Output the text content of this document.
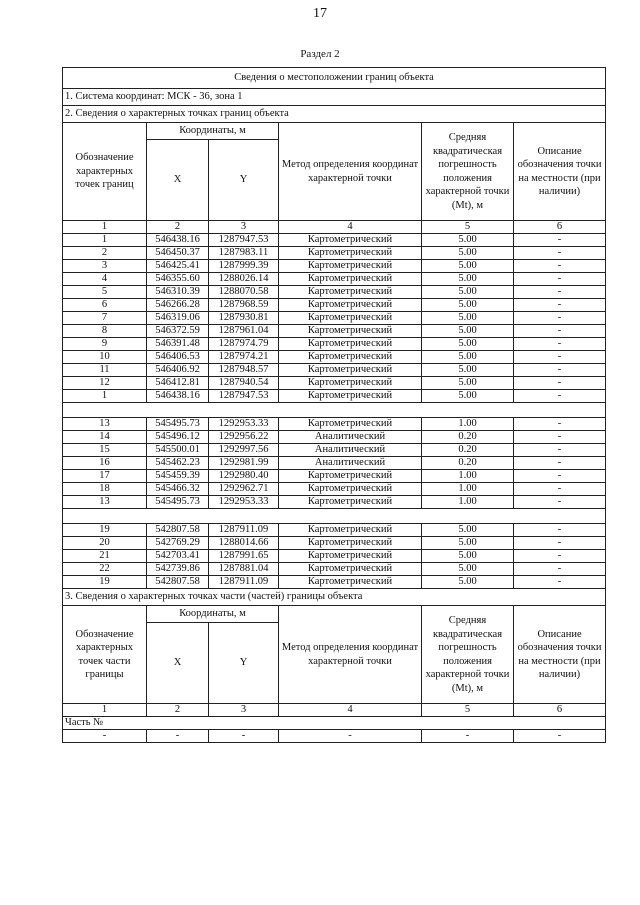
17
Раздел 2
Сведения о местоположении границ объекта					
1. Система координат: МСК - 36, зона 1					
2. Сведения о характерных точках границ объекта					
Обозначение характерных точек границ	Координаты, м		Метод определения координат характерной точки	Средняя квадратическая погрешность положения характерной точки (Mt), м	Описание обозначения точки на местности (при наличии)
	X	Y			
1	2	3	4	5	6
1	546438.16	1287947.53	Картометрический	5.00	-
2	546450.37	1287983.11	Картометрический	5.00	-
3	546425.41	1287999.39	Картометрический	5.00	-
4	546355.60	1288026.14	Картометрический	5.00	-
5	546310.39	1288070.58	Картометрический	5.00	-
6	546266.28	1287968.59	Картометрический	5.00	-
7	546319.06	1287930.81	Картометрический	5.00	-
8	546372.59	1287961.04	Картометрический	5.00	-
9	546391.48	1287974.79	Картометрический	5.00	-
10	546406.53	1287974.21	Картометрический	5.00	-
11	546406.92	1287948.57	Картометрический	5.00	-
12	546412.81	1287940.54	Картометрический	5.00	-
1	546438.16	1287947.53	Картометрический	5.00	-

13	545495.73	1292953.33	Картометрический	1.00	-
14	545496.12	1292956.22	Аналитический	0.20	-
15	545500.01	1292997.56	Аналитический	0.20	-
16	545462.23	1292981.99	Аналитический	0.20	-
17	545459.39	1292980.40	Картометрический	1.00	-
18	545466.32	1292962.71	Картометрический	1.00	-
13	545495.73	1292953.33	Картометрический	1.00	-

19	542807.58	1287911.09	Картометрический	5.00	-
20	542769.29	1288014.66	Картометрический	5.00	-
21	542703.41	1287991.65	Картометрический	5.00	-
22	542739.86	1287881.04	Картометрический	5.00	-
19	542807.58	1287911.09	Картометрический	5.00	-
3. Сведения о характерных точках части (частей) границы объекта					
Обозначение характерных точек части границы	Координаты, м		Метод определения координат характерной точки	Средняя квадратическая погрешность положения характерной точки (Mt), м	Описание обозначения точки на местности (при наличии)
	X	Y			
1	2	3	4	5	6
Часть №					
-	-	-	-	-	-
